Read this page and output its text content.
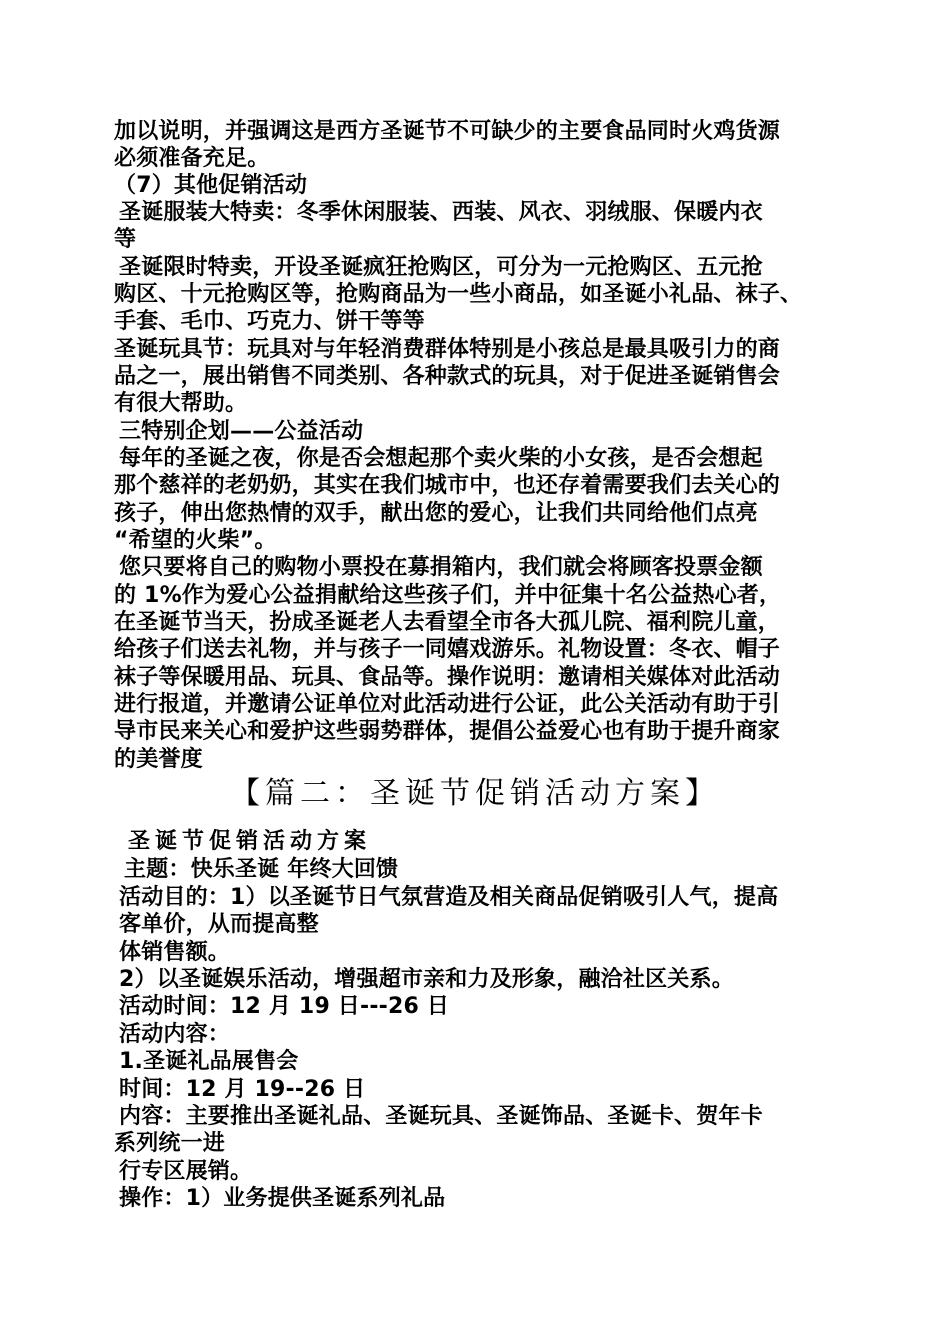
加以说明，并强调这是西方圣诞节不可缺少的主要食品同时火鸡货源
必须准备充足。
（7）其他促销活动
圣诞服装大特卖：冬季休闲服装、西装、风衣、羽绒服、保暖内衣
等
圣诞限时特卖，开设圣诞疯狂抢购区，可分为一元抢购区、五元抢
购区、十元抢购区等，抢购商品为一些小商品，如圣诞小礼品、袜子、
手套、毛巾、巧克力、饼干等等
圣诞玩具节：玩具对与年轻消费群体特别是小孩总是最具吸引力的商
品之一，展出销售不同类别、各种款式的玩具，对于促进圣诞销售会
有很大帮助。
三特别企划——公益活动
每年的圣诞之夜，你是否会想起那个卖火柴的小女孩，是否会想起
那个慈祥的老奶奶，其实在我们城市中，也还存着需要我们去关心的
孩子，伸出您热情的双手，献出您的爱心，让我们共同给他们点亮
“希望的火柴”。
您只要将自己的购物小票投在募捐箱内，我们就会将顾客投票金额
的 1%作为爱心公益捐献给这些孩子们，并中征集十名公益热心者，
在圣诞节当天，扮成圣诞老人去看望全市各大孤儿院、福利院儿童，
给孩子们送去礼物，并与孩子一同嬉戏游乐。礼物设置：冬衣、帽子
袜子等保暖用品、玩具、食品等。操作说明：邀请相关媒体对此活动
进行报道，并邀请公证单位对此活动进行公证，此公关活动有助于引
导市民来关心和爱护这些弱势群体，提倡公益爱心也有助于提升商家
的美誉度
【篇二：圣诞节促销活动方案】
圣诞节促销活动方案
主题：快乐圣诞 年终大回馈
活动目的：1）以圣诞节日气氛营造及相关商品促销吸引人气，提高
客单价，从而提高整
体销售额。
2）以圣诞娱乐活动，增强超市亲和力及形象，融洽社区关系。
活动时间：12 月 19 日---26 日
活动内容：
1.圣诞礼品展售会
时间：12 月 19--26 日
内容：主要推出圣诞礼品、圣诞玩具、圣诞饰品、圣诞卡、贺年卡
系列统一进
行专区展销。
操作：1）业务提供圣诞系列礼品
